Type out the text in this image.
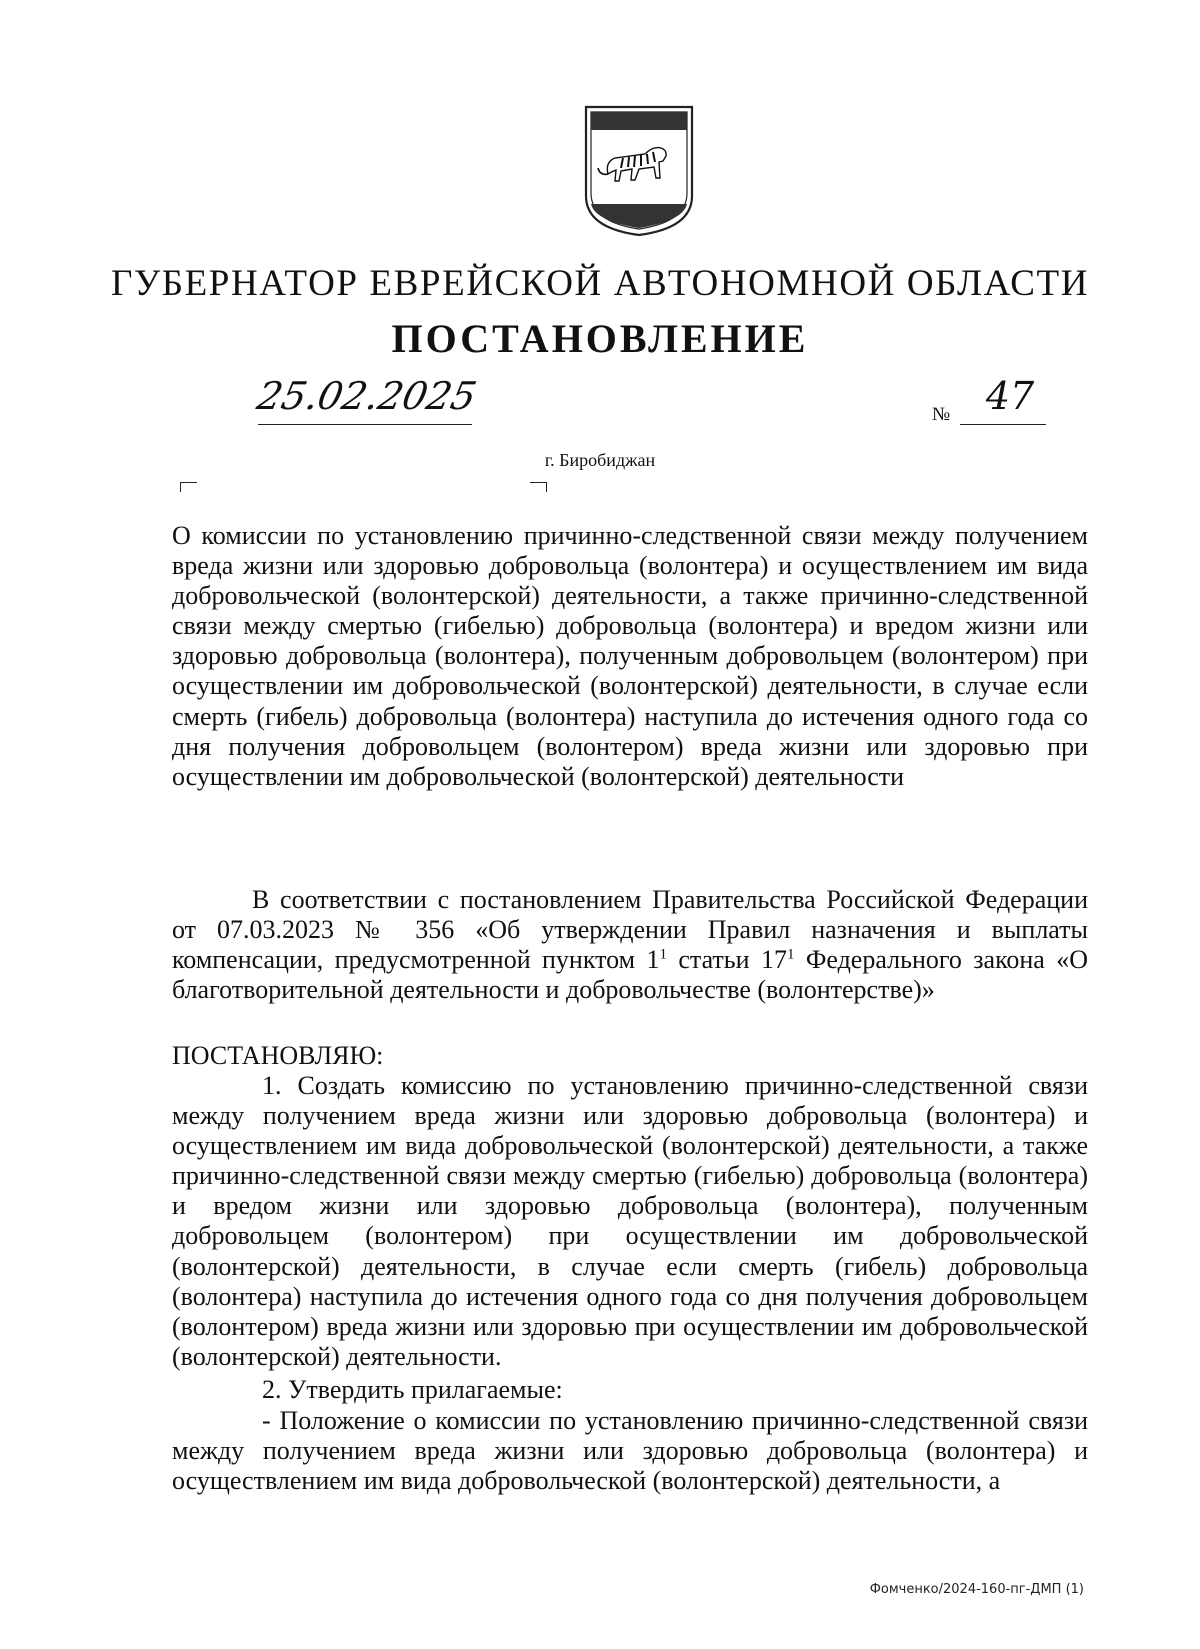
ГУБЕРНАТОР ЕВРЕЙСКОЙ АВТОНОМНОЙ ОБЛАСТИ
ПОСТАНОВЛЕНИЕ
25.02.2025	№ 47
г. Биробиджан
О комиссии по установлению причинно-следственной связи между получением вреда жизни или здоровью добровольца (волонтера) и осуществлением им вида добровольческой (волонтерской) деятельности, а также причинно-следственной связи между смертью (гибелью) добровольца (волонтера) и вредом жизни или здоровью добровольца (волонтера), полученным добровольцем (волонтером) при осуществлении им добровольческой (волонтерской) деятельности, в случае если смерть (гибель) добровольца (волонтера) наступила до истечения одного года со дня получения добровольцем (волонтером) вреда жизни или здоровью при осуществлении им добровольческой (волонтерской) деятельности
В соответствии с постановлением Правительства Российской Федерации от 07.03.2023 № 356 «Об утверждении Правил назначения и выплаты компенсации, предусмотренной пунктом $1^1$ статьи $17^1$ Федерального закона «О благотворительной деятельности и добровольчестве (волонтерстве)»
ПОСТАНОВЛЯЮ:
1. Создать комиссию по установлению причинно-следственной связи между получением вреда жизни или здоровью добровольца (волонтера) и осуществлением им вида добровольческой (волонтерской) деятельности, а также причинно-следственной связи между смертью (гибелью) добровольца (волонтера) и вредом жизни или здоровью добровольца (волонтера), полученным добровольцем (волонтером) при осуществлении им добровольческой (волонтерской) деятельности, в случае если смерть (гибель) добровольца (волонтера) наступила до истечения одного года со дня получения добровольцем (волонтером) вреда жизни или здоровью при осуществлении им добровольческой (волонтерской) деятельности.
2. Утвердить прилагаемые:
- Положение о комиссии по установлению причинно-следственной связи между получением вреда жизни или здоровью добровольца (волонтера) и осуществлением им вида добровольческой (волонтерской) деятельности, а
Фомченко/2024-160-пг-ДМП (1)
